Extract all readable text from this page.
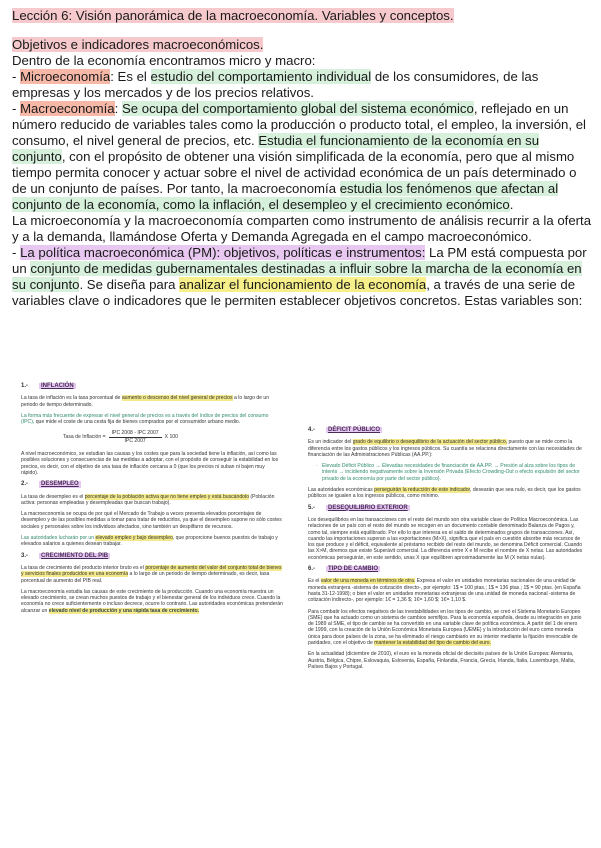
Lección 6: Visión panorámica de la macroeconomía. Variables y conceptos.

Objetivos e indicadores macroeconómicos.

Dentro de la economía encontramos micro y macro:

- Microeconomía: Es el estudio del comportamiento individual de los consumidores, de las empresas y los mercados y de los precios relativos.

- Macroeconomía: Se ocupa del comportamiento global del sistema económico, reflejado en un número reducido de variables tales como la producción o producto total, el empleo, la inversión, el consumo, el nivel general de precios, etc. Estudia el funcionamiento de la economía en su conjunto, con el propósito de obtener una visión simplificada de la economía, pero que al mismo tiempo permita conocer y actuar sobre el nivel de actividad económica de un país determinado o de un conjunto de países. Por tanto, la macroeconomía estudia los fenómenos que afectan al conjunto de la economía, como la inflación, el desempleo y el crecimiento económico.

La microeconomía y la macroeconomía comparten como instrumento de análisis recurrir a la oferta y a la demanda, llamándose Oferta y Demanda Agregada en el campo macroeconómico.

- La política macroeconómica (PM): objetivos, políticas e instrumentos: La PM está compuesta por un conjunto de medidas gubernamentales destinadas a influir sobre la marcha de la economía en su conjunto. Se diseña para analizar el funcionamiento de la economía, a través de una serie de variables clave o indicadores que le permiten establecer objetivos concretos. Estas variables son:

1.-	INFLACIÓN

La tasa de inflación es la tasa porcentual de aumento o descenso del nivel general de precios a lo largo de un periodo de tiempo determinado.

La forma más frecuente de expresar el nivel general de precios es a través del índice de precios del consumo (IPC), que mide el coste de una cesta fija de bienes comprados por el consumidor urbano medio.

Tasa de Inflación = $\frac{\text{IPC 2008 - IPC 2007}}{\text{IPC 2007}}$ X 100

A nivel macroeconómico, se estudian las causas y los costes que para la sociedad tiene la inflación, así como las posibles soluciones y consecuencias de las medidas a adoptar, con el propósito de conseguir la estabilidad en los precios, es decir, con el objetivo de una tasa de inflación cercana a 0 (que los precios ni suban ni bajen muy rápido).

2.-	DESEMPLEO

La tasa de desempleo es el porcentaje de la población activa que no tiene empleo y está buscándolo (Población activa: personas empleadas y desempleadas que buscan trabajo).

La macroeconomía se ocupa de por qué el Mercado de Trabajo a veces presenta elevados porcentajes de desempleo y de las posibles medidas a tomar para tratar de reducirlos, ya que el desempleo supone no sólo costes sociales y personales sobre los individuos afectados, sino también un despilfarro de recursos.

Las autoridades lucharán por un elevado empleo y bajo desempleo, que proporcione buenos puestos de trabajo y elevados salarios a quienes desean trabajar.

3.-	CRECIMIENTO DEL PIB

La tasa de crecimiento del producto interior bruto es el porcentaje de aumento del valor del conjunto total de bienes y servicios finales producidos en una economía a lo largo de un periodo de tiempo determinado, es decir, tasa porcentual de aumento del PIB real.

La macroeconomía estudia las causas de este crecimiento de la producción. Cuando una economía muestra un elevado crecimiento, se crean muchos puestos de trabajo y el bienestar general de los individuos crece. Cuando la economía no crece suficientemente o incluso decrece, ocurre lo contrario. Las autoridades económicas pretenderán alcanzar un elevado nivel de producción y una rápida tasa de crecimiento.

4.-	DÉFICIT PÚBLICO

Es un indicador del grado de equilibrio o desequilibrio de la actuación del sector público, puesto que se mide como la diferencia entre los gastos públicos y los ingresos públicos. Su cuantía se relaciona directamente con las necesidades de financiación de las Administraciones Públicas (AA.PP.):

· Elevado Déficit Público → Elevadas necesidades de financiación de AA.PP. → Presión al alza sobre los tipos de interés → incidiendo negativamente sobre la Inversión Privada (Efecto Crowding-Out o efecto expulsión del sector privado de la economía por parte del sector público).

Las autoridades económicas perseguirán la reducción de este indicador, desearán que sea nulo, es decir, que los gastos públicos se igualen a los ingresos públicos, como mínimo.

5.-	DESEQUILIBRIO EXTERIOR

Los desequilibrios en las transacciones con el resto del mundo son otra variable clave de Política Macroeconómica. Las relaciones de un país con el resto del mundo se recogen en un documento contable denominado Balanza de Pagos y, como tal, siempre está equilibrado. Por ello lo que interesa es el saldo de determinados grupos de transacciones. Así, cuando las importaciones superan a las exportaciones (M>X), significa que el país en cuestión absorbe más recursos de los que produce y el déficit, equivalente al préstamo recibido del resto del mundo, se denomina Déficit comercial. Cuando las X>M, diremos que existe Superávit comercial. La diferencia entre X e M recibe el nombre de X netas. Las autoridades económicas perseguirán, en este sentido, unas X que equilibren aproximadamente las M (X netas nulas).

6.-	TIPO DE CAMBIO

Es el valor de una moneda en términos de otra. Expresa el valor en unidades monetarias nacionales de una unidad de moneda extranjera -sistema de cotización directo-, por ejemplo: 1$ = 100 ptas.; 1$ = 136 ptas.; 1$ = 90 ptas. (en España hasta 31-12-1998); o bien el valor en unidades monetarias extranjeras de una unidad de moneda nacional -sistema de cotización indirecto-, por ejemplo: 1€ = 1,36 $; 1€= 1,60 $; 1€= 1,10 $.

Para combatir los efectos negativos de las inestabilidades en los tipos de cambio, se creó el Sistema Monetario Europeo (SME) que ha actuado como un sistema de cambios semifijos. Para la economía española, desde su integración en junio de 1989 al SME, el tipo de cambio se ha convertido en una variable clave de política económica. A partir del 1 de enero de 1999, con la creación de la Unión Económica Monetaria Europea (UEME) y la introducción del euro como moneda única para doce países de la zona, se ha eliminado el riesgo cambiario en su interior mediante la fijación irrevocable de paridades, con el objetivo de mantener la estabilidad del tipo de cambio del euro.

En la actualidad (diciembre de 2010), el euro es la moneda oficial de dieciséis países de la Unión Europea: Alemania, Austria, Bélgica, Chipre, Eslovaquia, Eslovenia, España, Finlandia, Francia, Grecia, Irlanda, Italia, Luxemburgo, Malta, Países Bajos y Portugal.
